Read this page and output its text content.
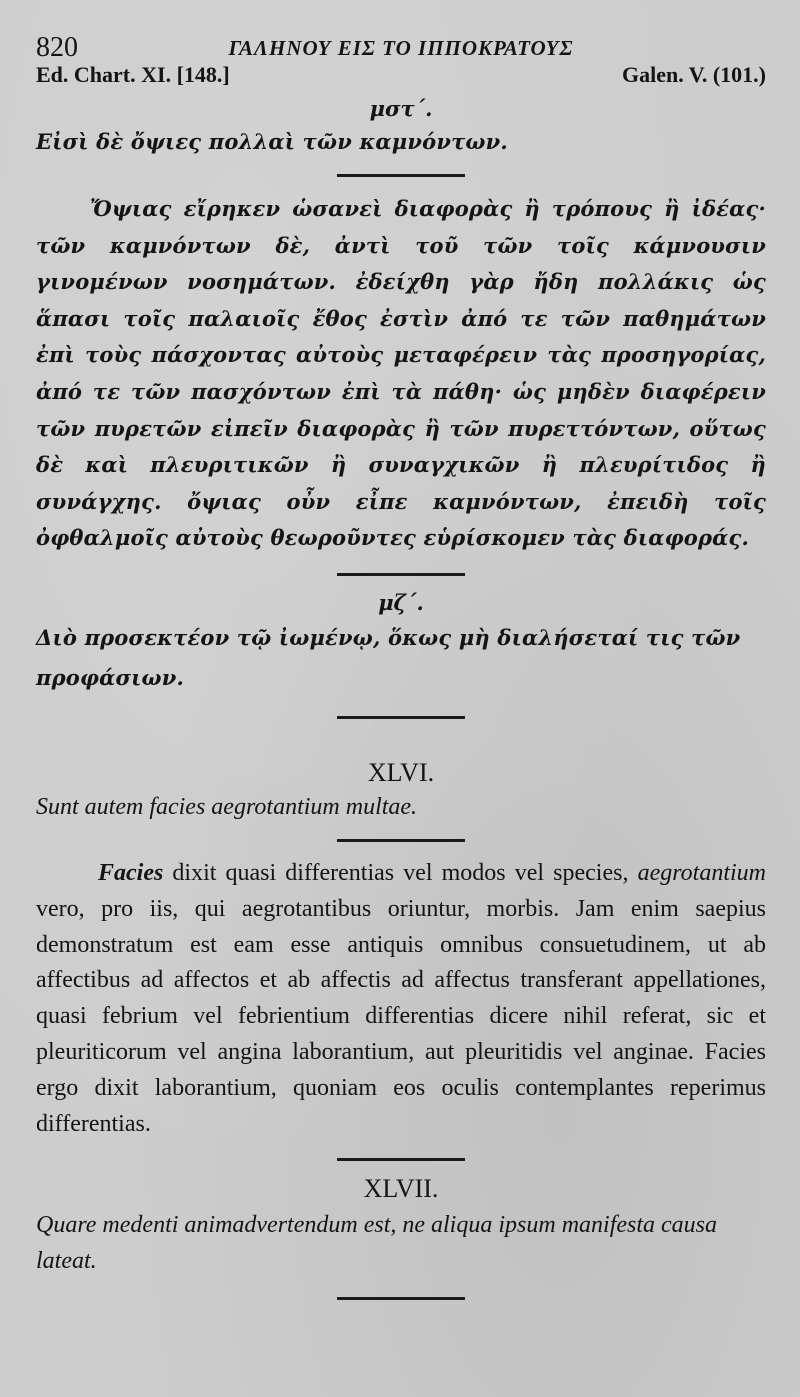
820	ΓΑΛΗΝΟΥ ΕΙΣ ΤΟ ΙΠΠΟΚΡΑΤΟΥΣ
Ed. Chart. XI. [148.]	Galen. V. (101.)
μστ΄.

Εἰσὶ δὲ ὄψιες πολλαὶ τῶν καμνόντων.

Ὄψιας εἴρηκεν ὡσανεὶ διαφορὰς ἢ τρόπους ἢ ἰδέας· τῶν καμνόντων δὲ, ἀντὶ τοῦ τῶν τοῖς κάμνουσιν γινομένων νοσημάτων. ἐδείχθη γὰρ ἤδη πολλάκις ὡς ἅπασι τοῖς παλαιοῖς ἔθος ἐστὶν ἀπό τε τῶν παθημάτων ἐπὶ τοὺς πάσχοντας αὐτοὺς μεταφέρειν τὰς προσηγορίας, ἀπό τε τῶν πασχόντων ἐπὶ τὰ πάθη· ὡς μηδὲν διαφέρειν τῶν πυρετῶν εἰπεῖν διαφορὰς ἢ τῶν πυρεττόντων, οὕτως δὲ καὶ πλευριτικῶν ἢ συναγχικῶν ἢ πλευρίτιδος ἢ συνάγχης. ὄψιας οὖν εἶπε καμνόντων, ἐπειδὴ τοῖς ὀφθαλμοῖς αὐτοὺς θεωροῦντες εὑρίσκομεν τὰς διαφοράς.

μζ΄.

Διὸ προσεκτέον τῷ ἰωμένῳ, ὅκως μὴ διαλήσεταί τις τῶν προφάσιων.

XLVI.

Sunt autem facies aegrotantium multae.

Facies dixit quasi differentias vel modos vel species, aegrotantium vero, pro iis, qui aegrotantibus oriuntur, morbis. Jam enim saepius demonstratum est eam esse antiquis omnibus consuetudinem, ut ab affectibus ad affectos et ab affectis ad affectus transferant appellationes, quasi febrium vel febrientium differentias dicere nihil referat, sic et pleuriticorum vel angina laborantium, aut pleuritidis vel anginae. Facies ergo dixit laborantium, quoniam eos oculis contemplantes reperimus differentias.

XLVII.

Quare medenti animadvertendum est, ne aliqua ipsum manifesta causa lateat.
